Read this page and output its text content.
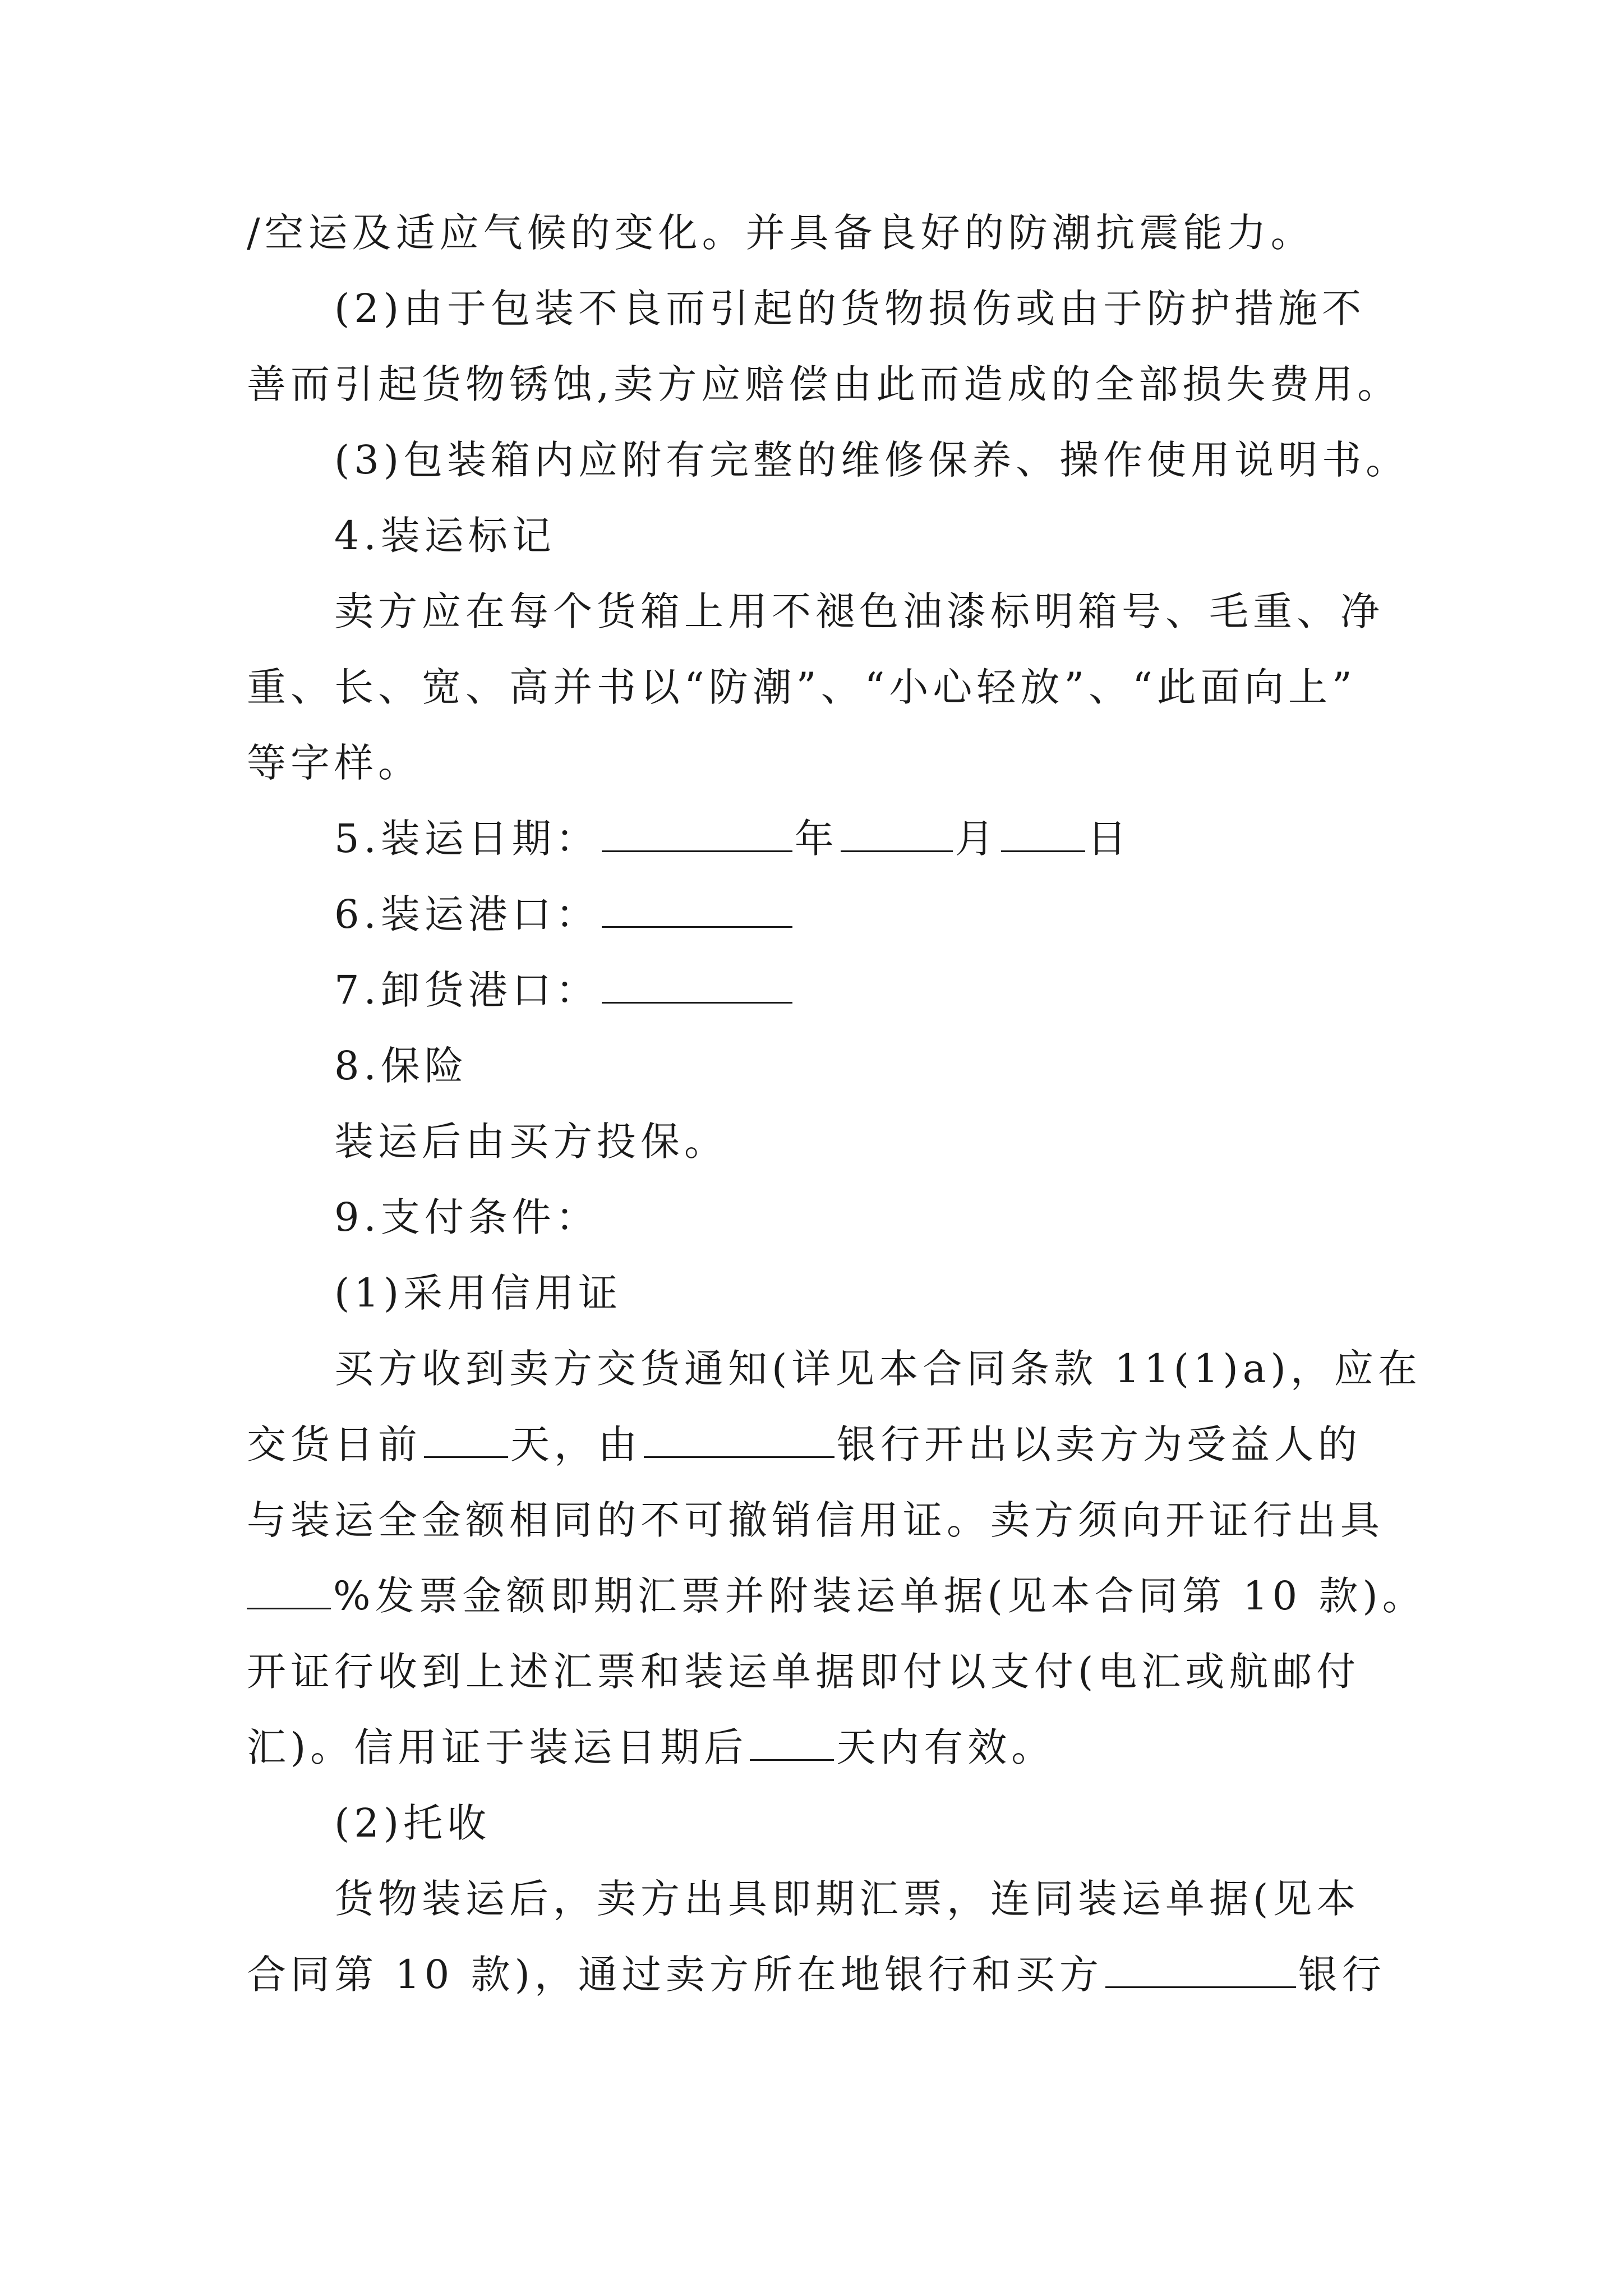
/空运及适应气候的变化。并具备良好的防潮抗震能力。
(2)由于包装不良而引起的货物损伤或由于防护措施不
善而引起货物锈蚀,卖方应赔偿由此而造成的全部损失费用。
(3)包装箱内应附有完整的维修保养、操作使用说明书。
4.装运标记
卖方应在每个货箱上用不褪色油漆标明箱号、毛重、净
重、长、宽、高并书以“防潮”、“小心轻放”、“此面向上”
等字样。
5.装运日期：	年	月 日
6.装运港口：
7.卸货港口：
8.保险
装运后由买方投保。
9.支付条件：
(1)采用信用证
买方收到卖方交货通知(详见本合同条款 11(1)a)，应在
交货日前 天，由	银行开出以卖方为受益人的
与装运全金额相同的不可撤销信用证。卖方须向开证行出具
%发票金额即期汇票并附装运单据(见本合同第 10 款)。
开证行收到上述汇票和装运单据即付以支付(电汇或航邮付
汇)。信用证于装运日期后 天内有效。
(2)托收
货物装运后，卖方出具即期汇票，连同装运单据(见本
合同第 10 款)，通过卖方所在地银行和买方	银行
